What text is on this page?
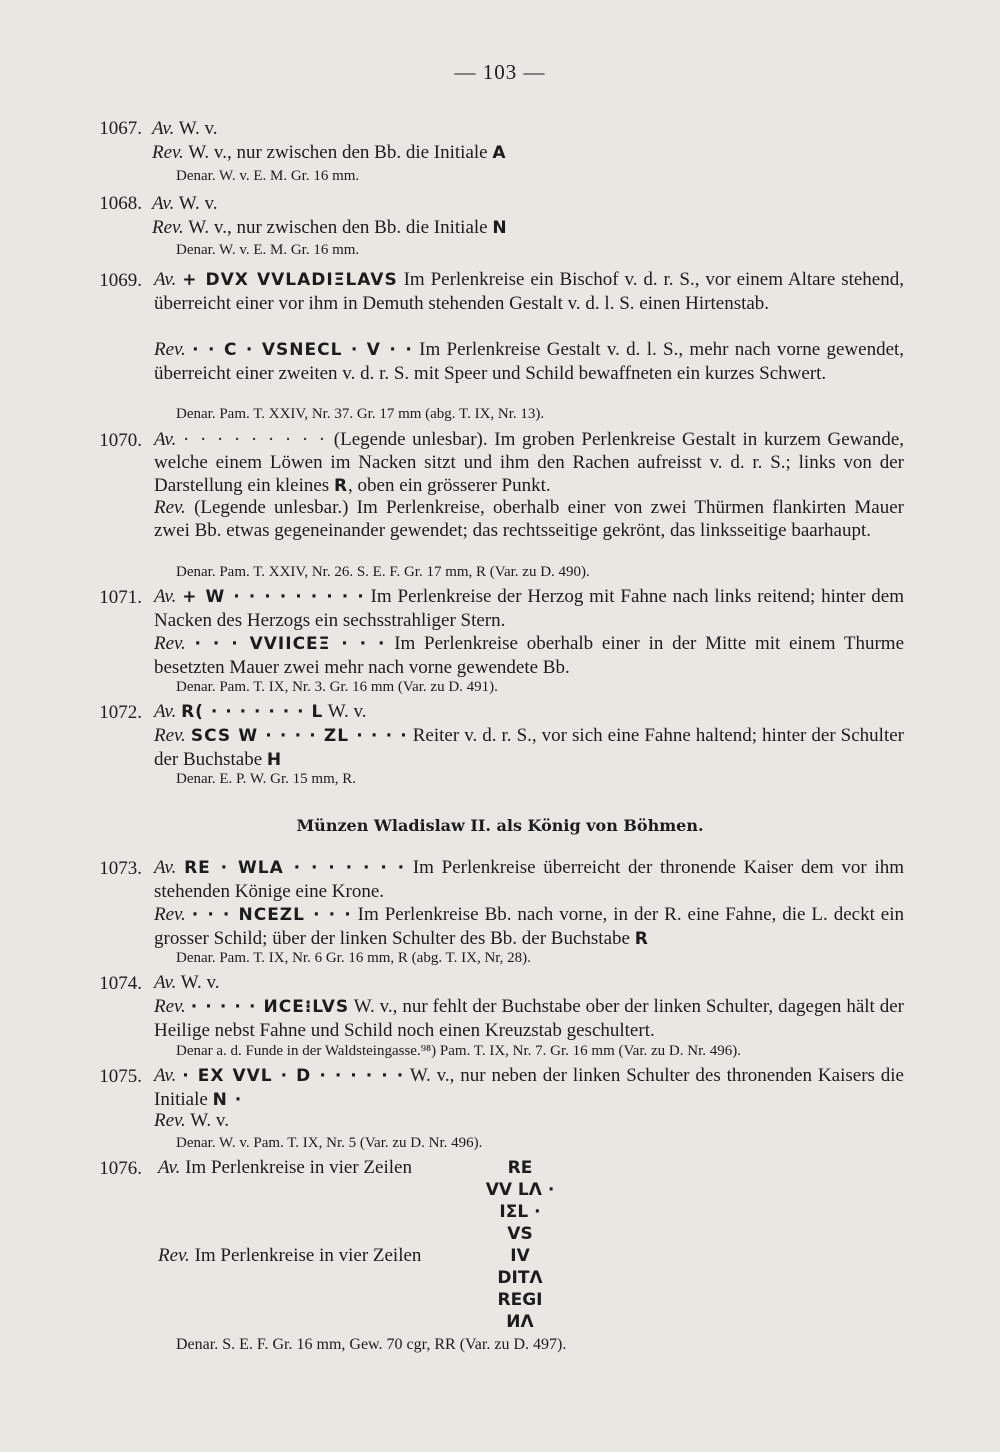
— 103 —
1067. Av. W. v.
Rev. W. v., nur zwischen den Bb. die Initiale A
Denar. W. v. E. M. Gr. 16 mm.
1068. Av. W. v.
Rev. W. v., nur zwischen den Bb. die Initiale N
Denar. W. v. E. M. Gr. 16 mm.
1069. Av. + DVX VVLADIΞLAVS Im Perlenkreise ein Bischof v. d. r. S., vor einem Altare stehend, überreicht einer vor ihm in Demuth stehenden Gestalt v. d. l. S. einen Hirtenstab.
Rev. · · C · VSNECL · V · · Im Perlenkreise Gestalt v. d. l. S., mehr nach vorne gewendet, überreicht einer zweiten v. d. r. S. mit Speer und Schild bewaffneten ein kurzes Schwert.
Denar. Pam. T. XXIV, Nr. 37. Gr. 17 mm (abg. T. IX, Nr. 13).
1070. Av. · · · · · · · · · (Legende unlesbar). Im groben Perlenkreise Gestalt in kurzem Gewande, welche einem Löwen im Nacken sitzt und ihm den Rachen aufreisst v. d. r. S.; links von der Darstellung ein kleines R, oben ein grösserer Punkt.
Rev. (Legende unlesbar.) Im Perlenkreise, oberhalb einer von zwei Thürmen flankirten Mauer zwei Bb. etwas gegeneinander gewendet; das rechtsseitige gekrönt, das linksseitige baarhaupt.
Denar. Pam. T. XXIV, Nr. 26. S. E. F. Gr. 17 mm, R (Var. zu D. 490).
1071. Av. + W · · · · · · · · · Im Perlenkreise der Herzog mit Fahne nach links reitend; hinter dem Nacken des Herzogs ein sechsstrahliger Stern.
Rev. · · · VVIICEΞ · · · Im Perlenkreise oberhalb einer in der Mitte mit einem Thurme besetzten Mauer zwei mehr nach vorne gewendete Bb.
Denar. Pam. T. IX, Nr. 3. Gr. 16 mm (Var. zu D. 491).
1072. Av. R( · · · · · · · L W. v.
Rev. SCS W · · · · ZL · · · · Reiter v. d. r. S., vor sich eine Fahne haltend; hinter der Schulter der Buchstabe H
Denar. E. P. W. Gr. 15 mm, R.
Münzen Wladislaw II. als König von Böhmen.
1073. Av. RE · WLA · · · · · · · Im Perlenkreise überreicht der thronende Kaiser dem vor ihm stehenden Könige eine Krone.
Rev. · · · NCEZL · · · Im Perlenkreise Bb. nach vorne, in der R. eine Fahne, die L. deckt ein grosser Schild; über der linken Schulter des Bb. der Buchstabe R
Denar. Pam. T. IX, Nr. 6 Gr. 16 mm, R (abg. T. IX, Nr, 28).
1074. Av. W. v.
Rev. · · · · · ИCE⁝LVS W. v., nur fehlt der Buchstabe ober der linken Schulter, dagegen hält der Heilige nebst Fahne und Schild noch einen Kreuzstab geschultert.
Denar a. d. Funde in der Waldsteingasse.⁹⁸) Pam. T. IX, Nr. 7. Gr. 16 mm (Var. zu D. Nr. 496).
1075. Av. · EX VVL · D · · · · · · W. v., nur neben der linken Schulter des thronenden Kaisers die Initiale N ·
Rev. W. v.
Denar. W. v. Pam. T. IX, Nr. 5 (Var. zu D. Nr. 496).
1076. Av. Im Perlenkreise in vier Zeilen	RE
VV LΛ ·
IΣL ·
VS
Rev. Im Perlenkreise in vier Zeilen	IV
DITΛ
REGI
ИΛ
Denar. S. E. F. Gr. 16 mm, Gew. 70 cgr, RR (Var. zu D. 497).
